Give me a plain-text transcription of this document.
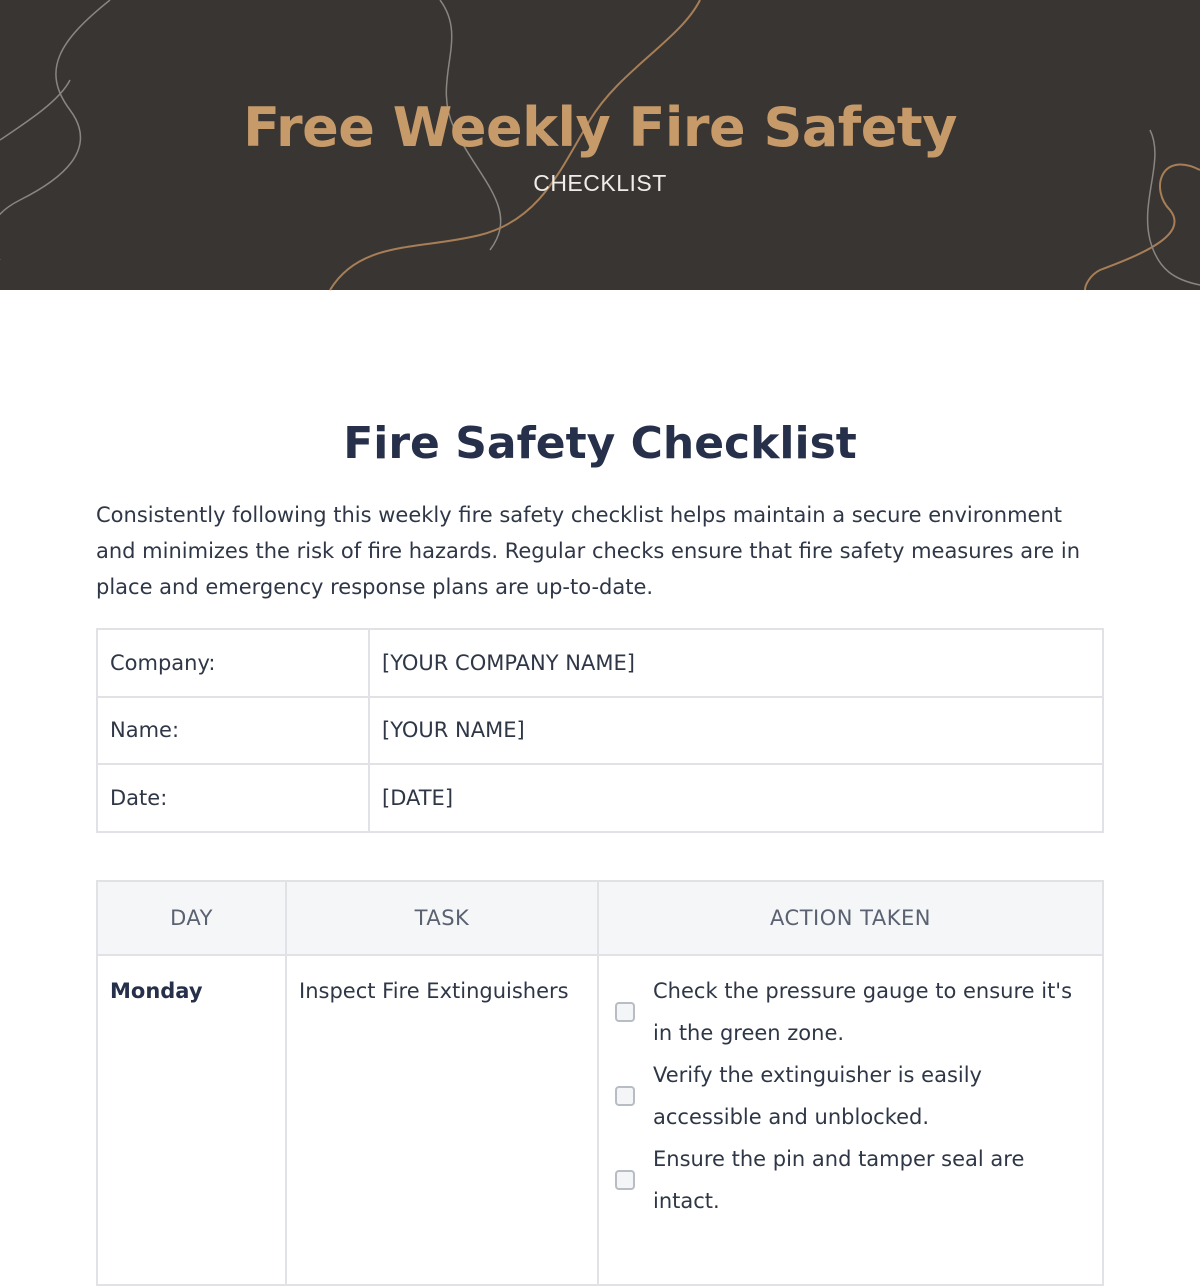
Free Weekly Fire Safety
CHECKLIST
Fire Safety Checklist

Consistently following this weekly fire safety checklist helps maintain a secure environment and minimizes the risk of fire hazards. Regular checks ensure that fire safety measures are in place and emergency response plans are up-to-date.

Company:	[YOUR COMPANY NAME]
Name:	[YOUR NAME]
Date:	[DATE]
DAY	TASK	ACTION TAKEN
Monday	Inspect Fire Extinguishers	Check the pressure gauge to ensure it's in the green zone.
Verify the extinguisher is easily accessible and unblocked.
Ensure the pin and tamper seal are intact.
